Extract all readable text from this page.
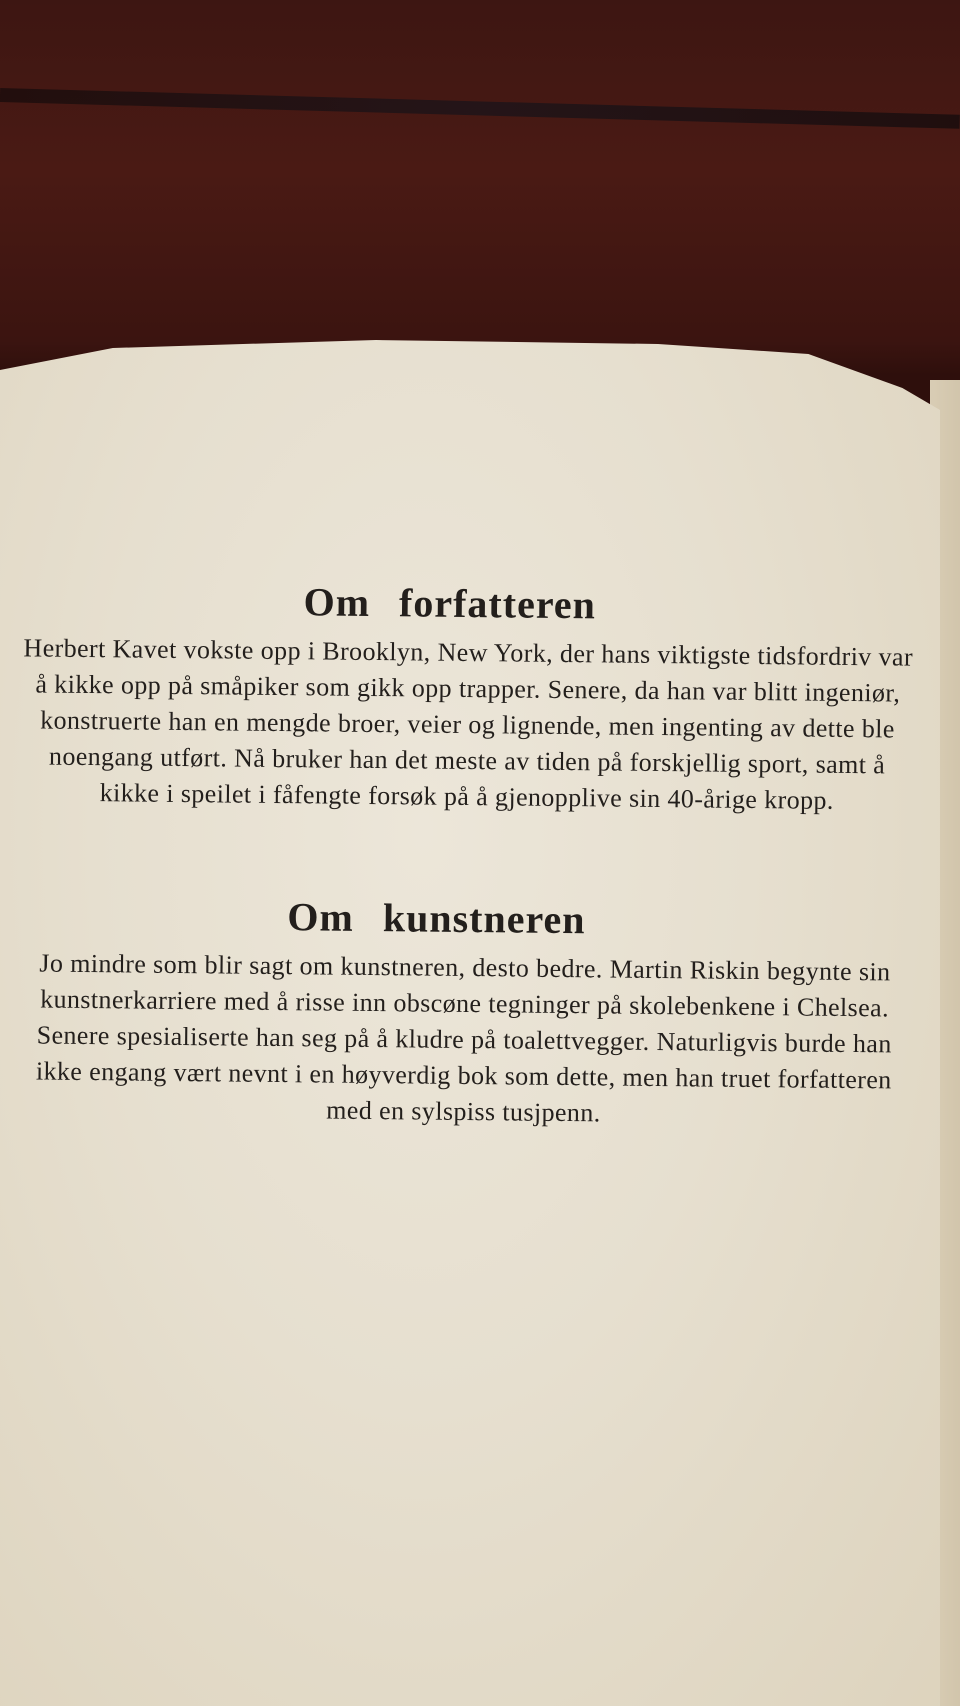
Om forfatteren

Herbert Kavet vokste opp i Brooklyn, New York, der hans viktigste tidsfordriv var å kikke opp på småpiker som gikk opp trapper. Senere, da han var blitt ingeniør, konstruerte han en mengde broer, veier og lignende, men ingenting av dette ble noengang utført. Nå bruker han det meste av tiden på forskjellig sport, samt å kikke i speilet i fåfengte forsøk på å gjenopplive sin 40-årige kropp.

Om kunstneren

Jo mindre som blir sagt om kunstneren, desto bedre. Martin Riskin begynte sin kunstnerkarriere med å risse inn obscøne tegninger på skolebenkene i Chelsea. Senere spesialiserte han seg på å kludre på toalettvegger. Naturligvis burde han ikke engang vært nevnt i en høyverdig bok som dette, men han truet forfatteren med en sylspiss tusjpenn.
